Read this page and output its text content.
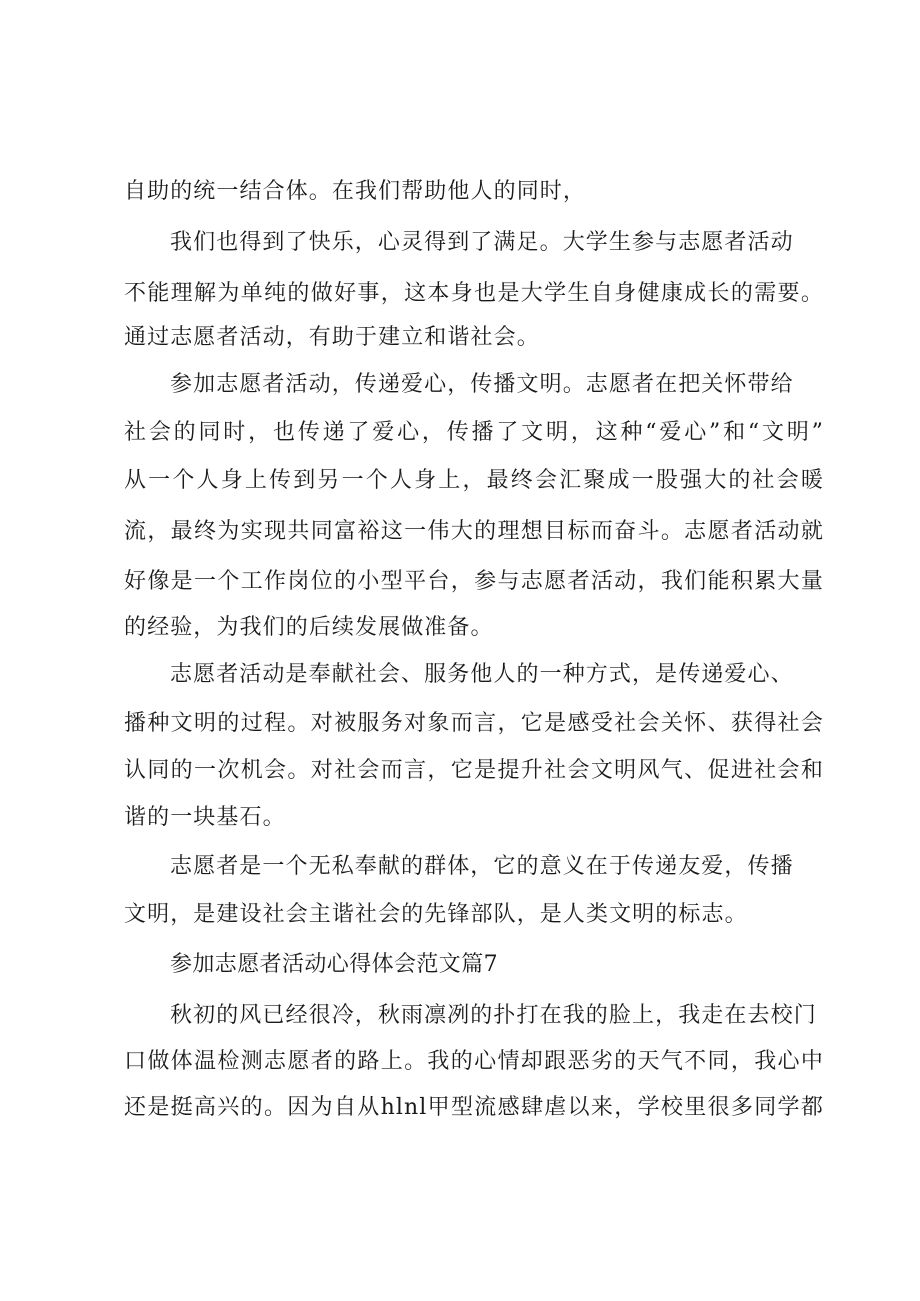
自助的统一结合体。在我们帮助他人的同时，
我们也得到了快乐，心灵得到了满足。大学生参与志愿者活动
不能理解为单纯的做好事，这本身也是大学生自身健康成长的需要。
通过志愿者活动，有助于建立和谐社会。
参加志愿者活动，传递爱心，传播文明。志愿者在把关怀带给
社会的同时，也传递了爱心，传播了文明，这种“爱心”和“文明”
从一个人身上传到另一个人身上，最终会汇聚成一股强大的社会暖
流，最终为实现共同富裕这一伟大的理想目标而奋斗。志愿者活动就
好像是一个工作岗位的小型平台，参与志愿者活动，我们能积累大量
的经验，为我们的后续发展做准备。
志愿者活动是奉献社会、服务他人的一种方式，是传递爱心、
播种文明的过程。对被服务对象而言，它是感受社会关怀、获得社会
认同的一次机会。对社会而言，它是提升社会文明风气、促进社会和
谐的一块基石。
志愿者是一个无私奉献的群体，它的意义在于传递友爱，传播
文明，是建设社会主谐社会的先锋部队，是人类文明的标志。
参加志愿者活动心得体会范文篇7
秋初的风已经很冷，秋雨凛冽的扑打在我的脸上，我走在去校门
口做体温检测志愿者的路上。我的心情却跟恶劣的天气不同，我心中
还是挺高兴的。因为自从hlnl甲型流感肆虐以来，学校里很多同学都
